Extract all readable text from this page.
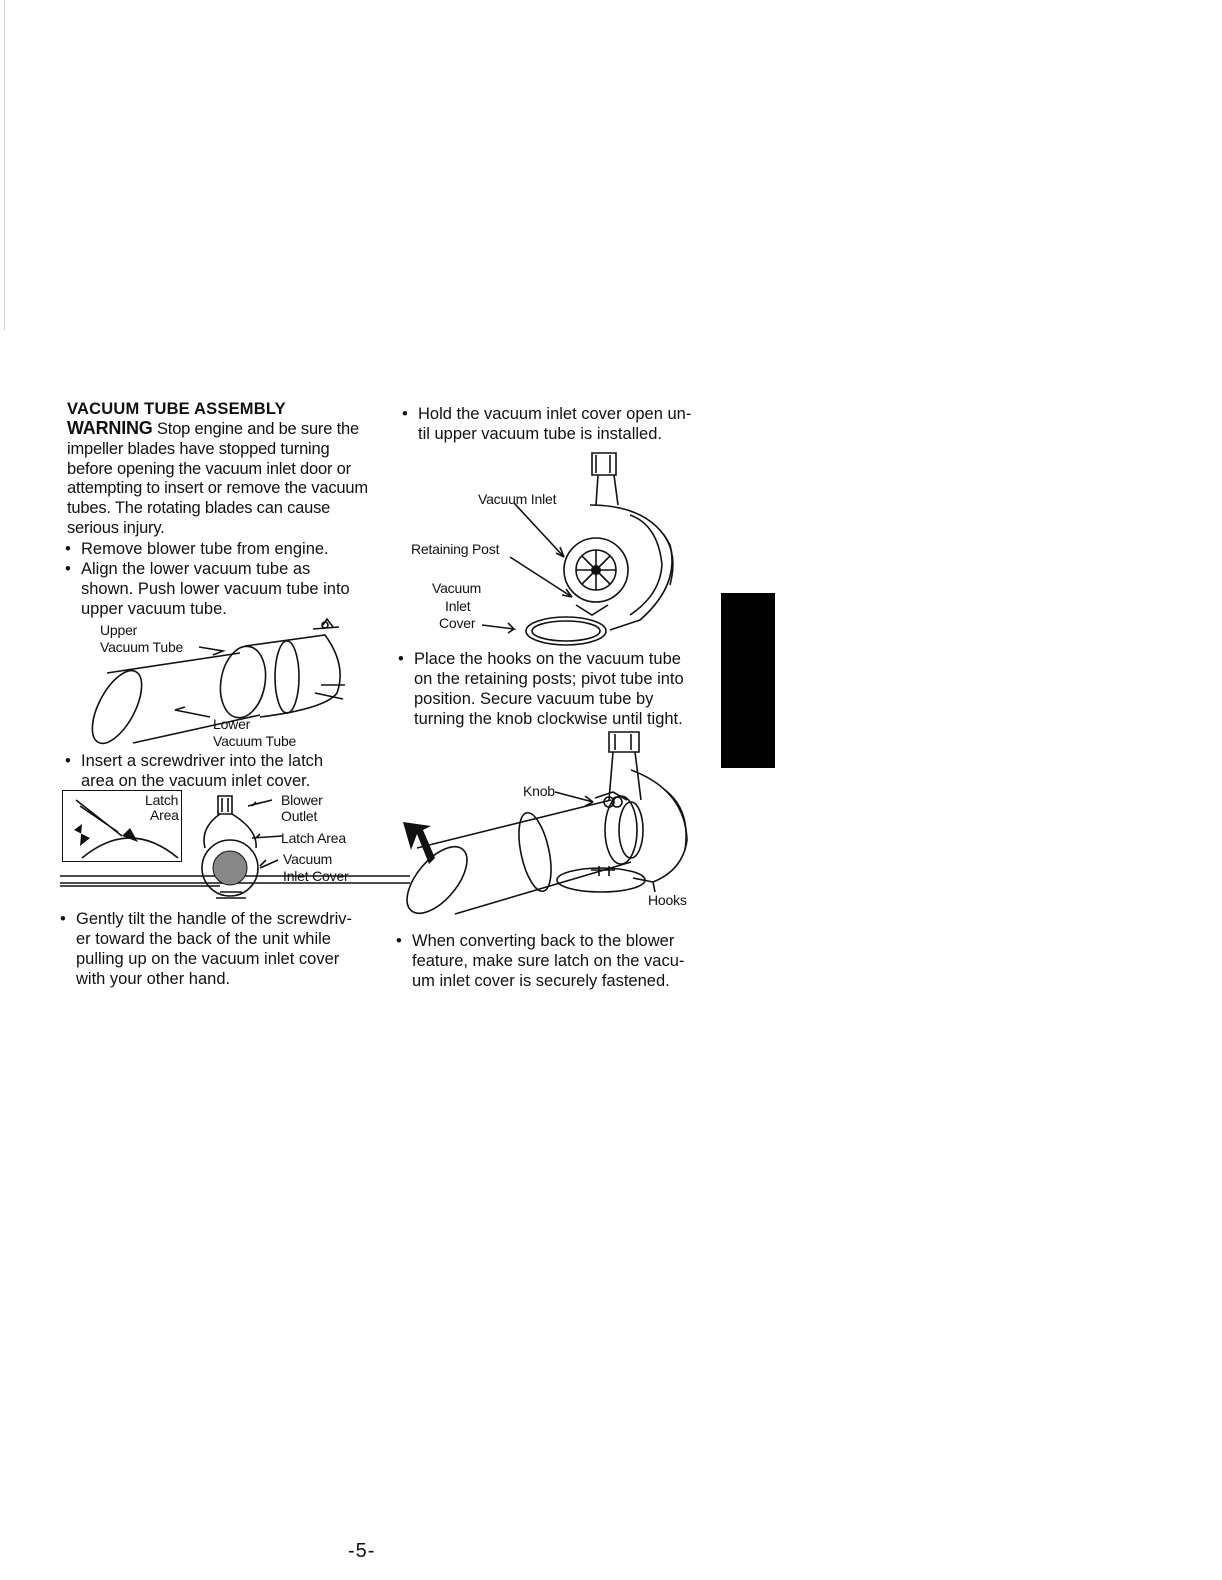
VACUUM TUBE ASSEMBLY
WARNING Stop engine and be sure the impeller blades have stopped turning before opening the vacuum inlet door or attempting to insert or remove the vacuum tubes. The rotating blades can cause serious injury.
• Remove blower tube from engine.
• Align the lower vacuum tube as
shown. Push lower vacuum tube into
upper vacuum tube.
Upper
Vacuum Tube
Lower
Vacuum Tube
• Insert a screwdriver into the latch
area on the vacuum inlet cover.
Latch
Area
Blower
Outlet
Latch Area
Vacuum
Inlet Cover
• Gently tilt the handle of the screwdriv-
er toward the back of the unit while
pulling up on the vacuum inlet cover
with your other hand.
• Hold the vacuum inlet cover open un-
til upper vacuum tube is installed.
Vacuum Inlet
Retaining Post
Vacuum
Inlet
Cover
• Place the hooks on the vacuum tube
on the retaining posts; pivot tube into
position. Secure vacuum tube by
turning the knob clockwise until tight.
Knob
Hooks
• When converting back to the blower
feature, make sure latch on the vacu-
um inlet cover is securely fastened.
-5-
